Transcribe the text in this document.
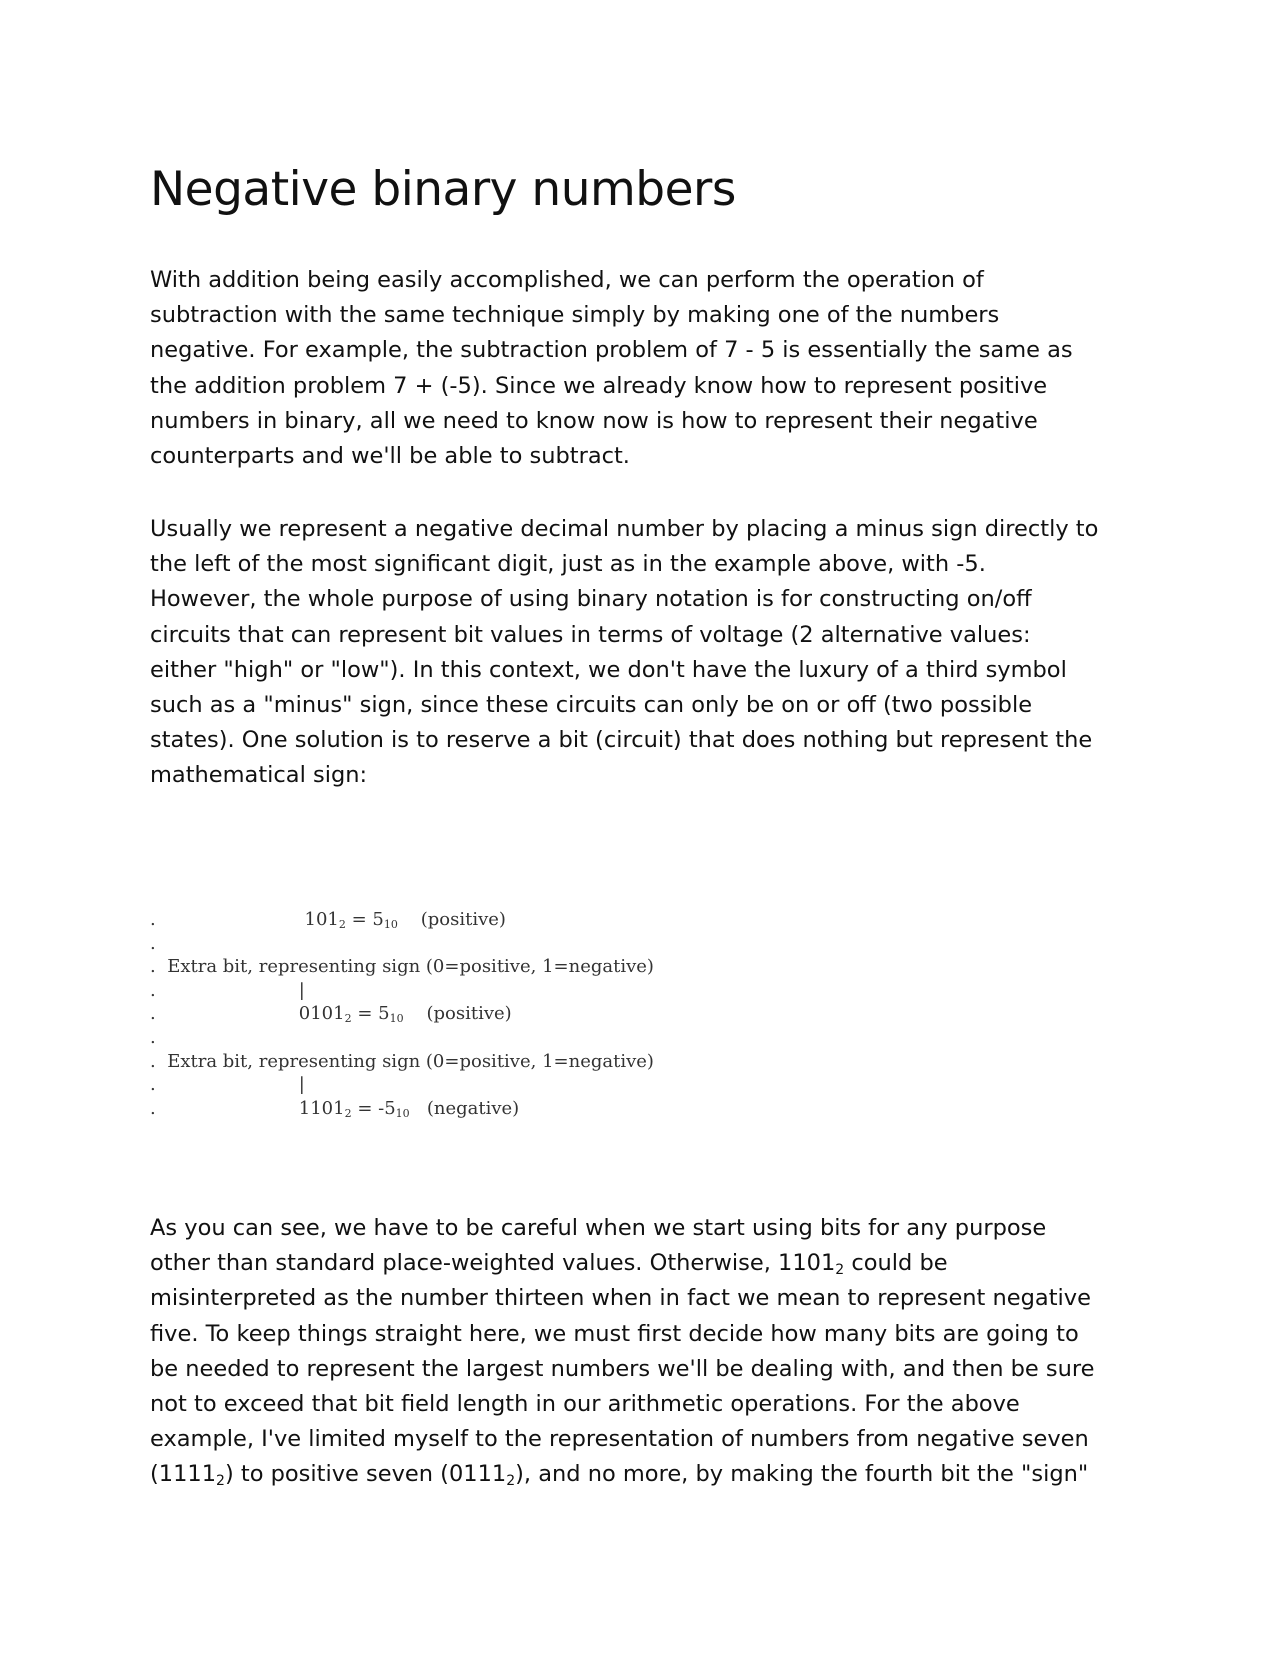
Negative binary numbers

With addition being easily accomplished, we can perform the operation of
subtraction with the same technique simply by making one of the numbers
negative. For example, the subtraction problem of 7 - 5 is essentially the same as
the addition problem 7 + (-5). Since we already know how to represent positive
numbers in binary, all we need to know now is how to represent their negative
counterparts and we'll be able to subtract.

Usually we represent a negative decimal number by placing a minus sign directly to
the left of the most significant digit, just as in the example above, with -5.
However, the whole purpose of using binary notation is for constructing on/off
circuits that can represent bit values in terms of voltage (2 alternative values:
either "high" or "low"). In this context, we don't have the luxury of a third symbol
such as a "minus" sign, since these circuits can only be on or off (two possible
states). One solution is to reserve a bit (circuit) that does nothing but represent the
mathematical sign:

.	$101_2 = 5_{10}$ (positive)
.
. Extra bit, representing sign (0=positive, 1=negative)
.	|
.	$0101_2 = 5_{10}$ (positive)
.
. Extra bit, representing sign (0=positive, 1=negative)
.	|
.	$1101_2 = -5_{10}$ (negative)

As you can see, we have to be careful when we start using bits for any purpose
other than standard place-weighted values. Otherwise, $1101_2$ could be
misinterpreted as the number thirteen when in fact we mean to represent negative
five. To keep things straight here, we must first decide how many bits are going to
be needed to represent the largest numbers we'll be dealing with, and then be sure
not to exceed that bit field length in our arithmetic operations. For the above
example, I've limited myself to the representation of numbers from negative seven
$(1111_2)$ to positive seven $(0111_2)$, and no more, by making the fourth bit the "sign"
